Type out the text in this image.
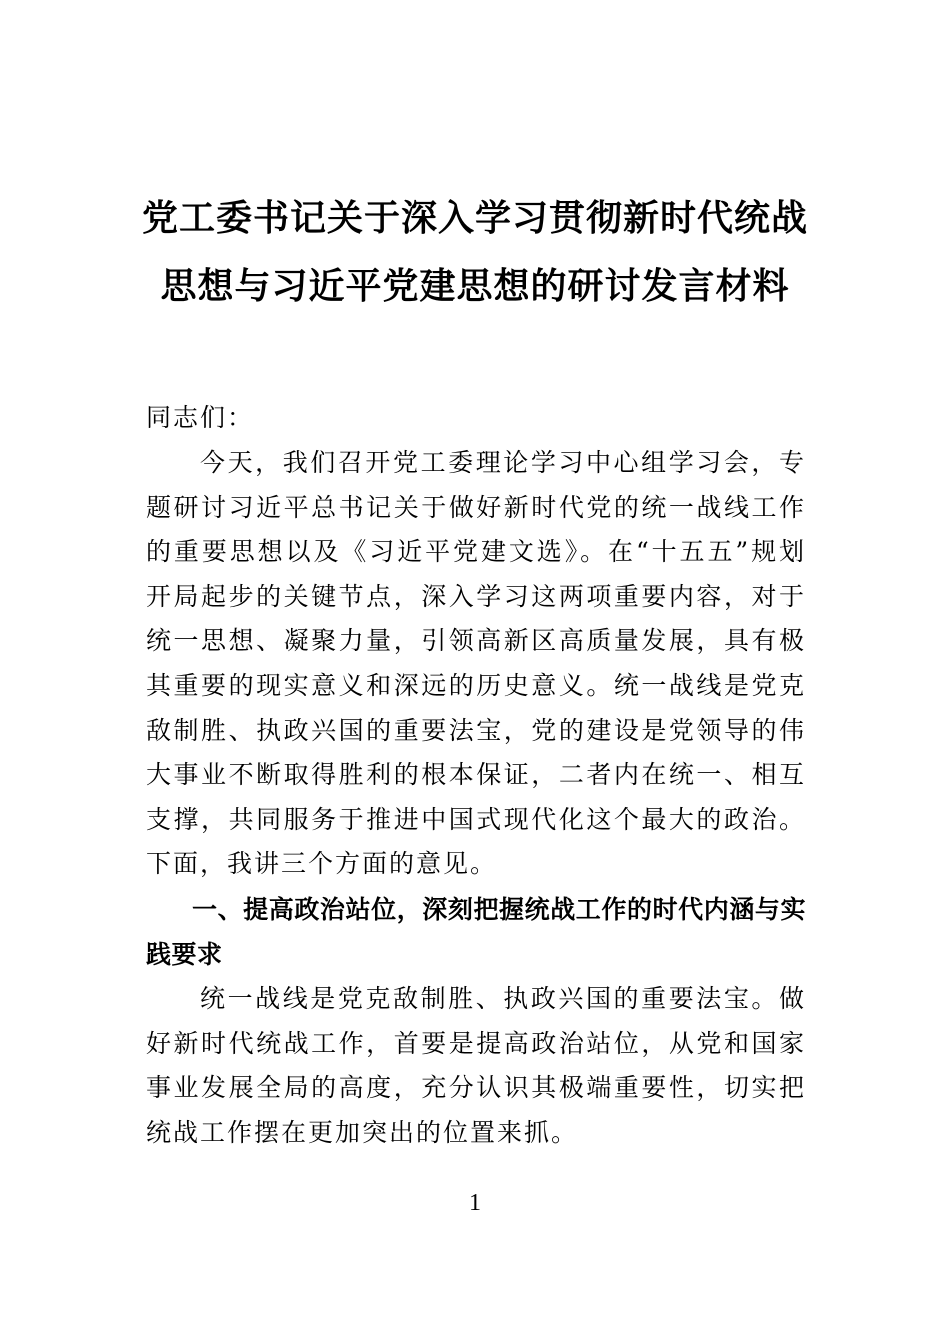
党工委书记关于深入学习贯彻新时代统战
思想与习近平党建思想的研讨发言材料
同志们：
今天，我们召开党工委理论学习中心组学习会，专题研讨习近平总书记关于做好新时代党的统一战线工作的重要思想以及《习近平党建文选》。在“十五五”规划开局起步的关键节点，深入学习这两项重要内容，对于统一思想、凝聚力量，引领高新区高质量发展，具有极其重要的现实意义和深远的历史意义。统一战线是党克敌制胜、执政兴国的重要法宝，党的建设是党领导的伟大事业不断取得胜利的根本保证，二者内在统一、相互支撑，共同服务于推进中国式现代化这个最大的政治。下面，我讲三个方面的意见。
一、提高政治站位，深刻把握统战工作的时代内涵与实践要求
统一战线是党克敌制胜、执政兴国的重要法宝。做好新时代统战工作，首要是提高政治站位，从党和国家事业发展全局的高度，充分认识其极端重要性，切实把统战工作摆在更加突出的位置来抓。
1
